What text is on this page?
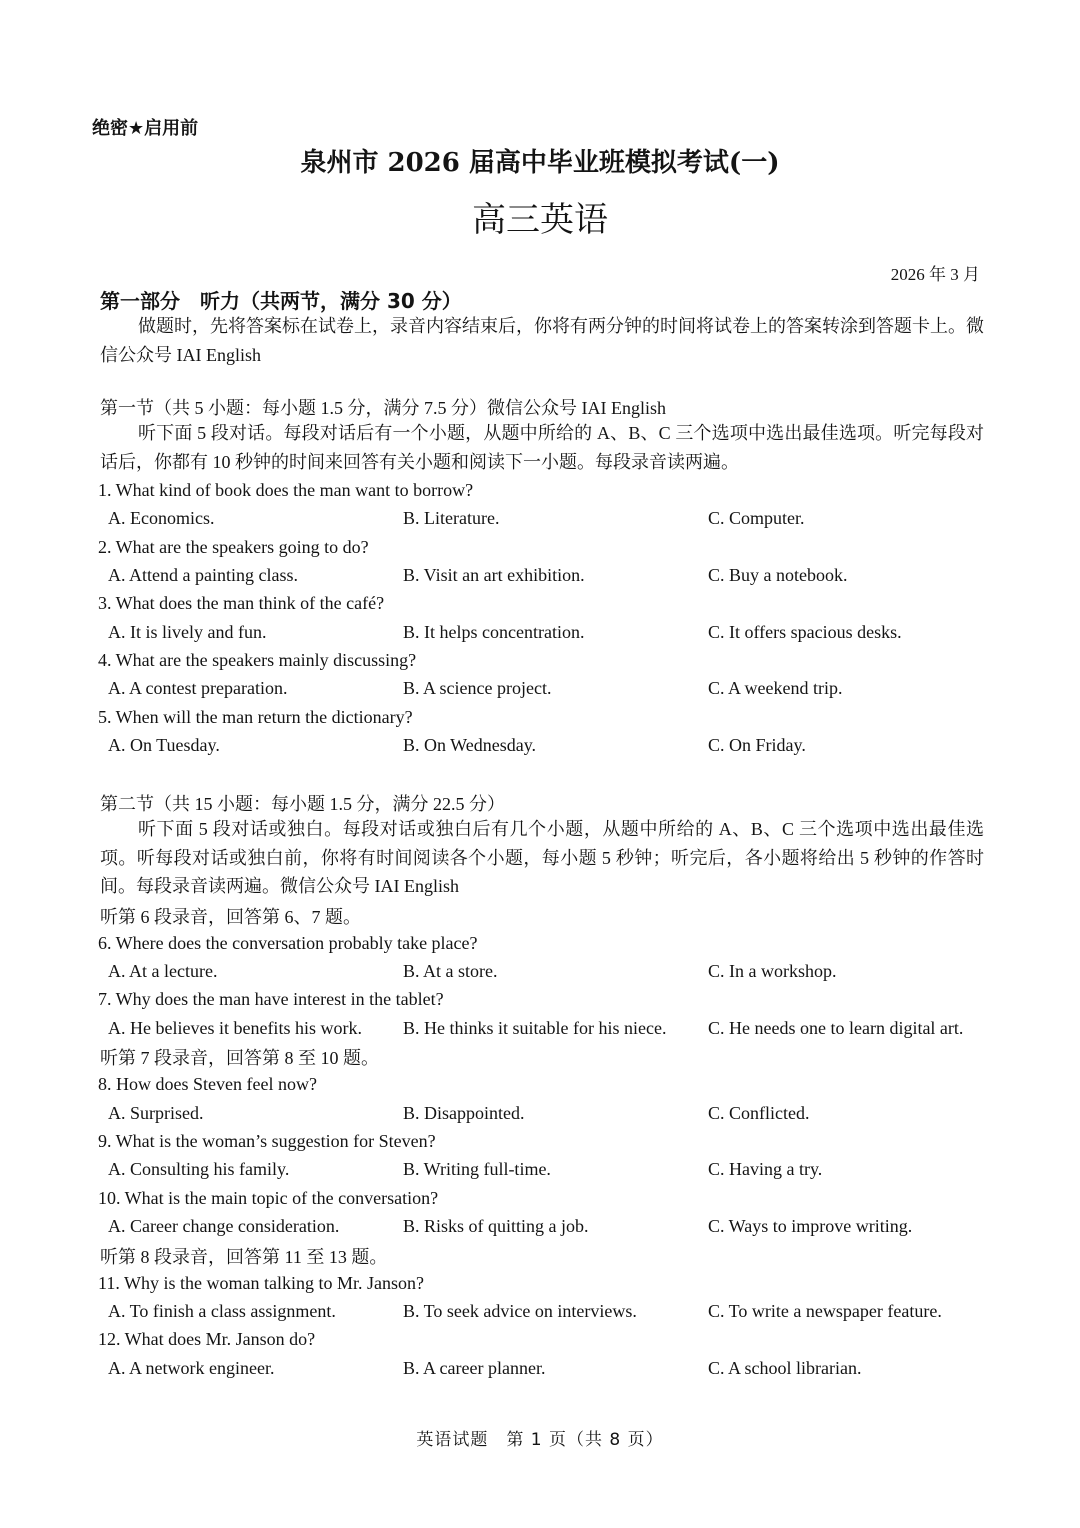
绝密★启用前
泉州市 2026 届高中毕业班模拟考试(一)
高三英语
2026 年 3 月
第一部分　听力（共两节，满分 30 分）
做题时，先将答案标在试卷上，录音内容结束后，你将有两分钟的时间将试卷上的答案转涂到答题卡上。微信公众号 IAI English
第一节（共 5 小题：每小题 1.5 分，满分 7.5 分）微信公众号 IAI English
听下面 5 段对话。每段对话后有一个小题，从题中所给的 A、B、C 三个选项中选出最佳选项。听完每段对话后，你都有 10 秒钟的时间来回答有关小题和阅读下一小题。每段录音读两遍。
1. What kind of book does the man want to borrow?
A. Economics.	B. Literature.	C. Computer.
2. What are the speakers going to do?
A. Attend a painting class.	B. Visit an art exhibition.	C. Buy a notebook.
3. What does the man think of the café?
A. It is lively and fun.	B. It helps concentration.	C. It offers spacious desks.
4. What are the speakers mainly discussing?
A. A contest preparation.	B. A science project.	C. A weekend trip.
5. When will the man return the dictionary?
A. On Tuesday.	B. On Wednesday.	C. On Friday.
第二节（共 15 小题：每小题 1.5 分，满分 22.5 分）
听下面 5 段对话或独白。每段对话或独白后有几个小题，从题中所给的 A、B、C 三个选项中选出最佳选项。听每段对话或独白前，你将有时间阅读各个小题，每小题 5 秒钟；听完后，各小题将给出 5 秒钟的作答时间。每段录音读两遍。微信公众号 IAI English
听第 6 段录音，回答第 6、7 题。
6. Where does the conversation probably take place?
A. At a lecture.	B. At a store.	C. In a workshop.
7. Why does the man have interest in the tablet?
A. He believes it benefits his work. B. He thinks it suitable for his niece. C. He needs one to learn digital art.
听第 7 段录音，回答第 8 至 10 题。
8. How does Steven feel now?
A. Surprised.	B. Disappointed.	C. Conflicted.
9. What is the woman’s suggestion for Steven?
A. Consulting his family.	B. Writing full-time.	C. Having a try.
10. What is the main topic of the conversation?
A. Career change consideration.	B. Risks of quitting a job.	C. Ways to improve writing.
听第 8 段录音，回答第 11 至 13 题。
11. Why is the woman talking to Mr. Janson?
A. To finish a class assignment.	B. To seek advice on interviews.	C. To write a newspaper feature.
12. What does Mr. Janson do?
A. A network engineer.	B. A career planner.	C. A school librarian.
英语试题　第 1 页（共 8 页）
